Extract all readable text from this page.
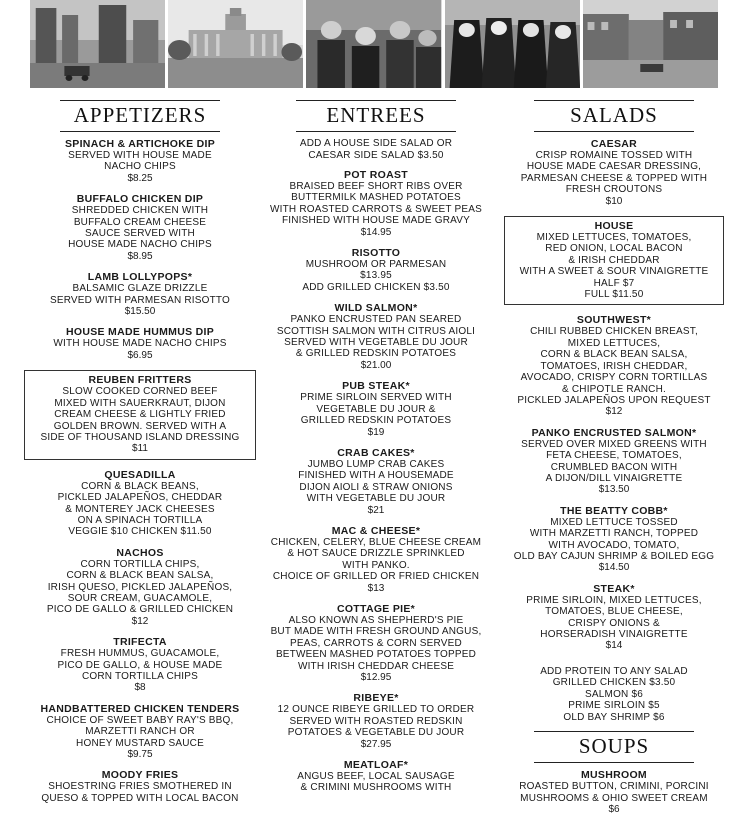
APPETIZERS
SPINACH & ARTICHOKE DIP
SERVED WITH HOUSE MADE
NACHO CHIPS
$8.25
BUFFALO CHICKEN DIP
SHREDDED CHICKEN WITH
BUFFALO CREAM CHEESE
SAUCE SERVED WITH
HOUSE MADE NACHO CHIPS
$8.95
LAMB LOLLYPOPS*
BALSAMIC GLAZE DRIZZLE
SERVED WITH PARMESAN RISOTTO
$15.50
HOUSE MADE HUMMUS DIP
WITH HOUSE MADE NACHO CHIPS
$6.95
REUBEN FRITTERS
SLOW COOKED CORNED BEEF
MIXED WITH SAUERKRAUT, DIJON
CREAM CHEESE & LIGHTLY FRIED
GOLDEN BROWN. SERVED WITH A
SIDE OF THOUSAND ISLAND DRESSING
$11
QUESADILLA
CORN & BLACK BEANS,
PICKLED JALAPEÑOS, CHEDDAR
& MONTEREY JACK CHEESES
ON A SPINACH TORTILLA
VEGGIE $10 CHICKEN $11.50
NACHOS
CORN TORTILLA CHIPS,
CORN & BLACK BEAN SALSA,
IRISH QUESO, PICKLED JALAPEÑOS,
SOUR CREAM, GUACAMOLE,
PICO DE GALLO & GRILLED CHICKEN
$12
TRIFECTA
FRESH HUMMUS, GUACAMOLE,
PICO DE GALLO, & HOUSE MADE
CORN TORTILLA CHIPS
$8
HANDBATTERED CHICKEN TENDERS
CHOICE OF SWEET BABY RAY'S BBQ,
MARZETTI RANCH OR
HONEY MUSTARD SAUCE
$9.75
MOODY FRIES
SHOESTRING FRIES SMOTHERED IN
QUESO & TOPPED WITH LOCAL BACON
ENTREES
ADD A HOUSE SIDE SALAD OR
CAESAR SIDE SALAD $3.50
POT ROAST
BRAISED BEEF SHORT RIBS OVER
BUTTERMILK MASHED POTATOES
WITH ROASTED CARROTS & SWEET PEAS
FINISHED WITH HOUSE MADE GRAVY
$14.95
RISOTTO
MUSHROOM OR PARMESAN
$13.95
ADD GRILLED CHICKEN $3.50
WILD SALMON*
PANKO ENCRUSTED PAN SEARED
SCOTTISH SALMON WITH CITRUS AIOLI
SERVED WITH VEGETABLE DU JOUR
& GRILLED REDSKIN POTATOES
$21.00
PUB STEAK*
PRIME SIRLOIN SERVED WITH
VEGETABLE DU JOUR &
GRILLED REDSKIN POTATOES
$19
CRAB CAKES*
JUMBO LUMP CRAB CAKES
FINISHED WITH A HOUSEMADE
DIJON AIOLI & STRAW ONIONS
WITH VEGETABLE DU JOUR
$21
MAC & CHEESE*
CHICKEN, CELERY, BLUE CHEESE CREAM
& HOT SAUCE DRIZZLE SPRINKLED
WITH PANKO.
CHOICE OF GRILLED OR FRIED CHICKEN
$13
COTTAGE PIE*
ALSO KNOWN AS SHEPHERD'S PIE
BUT MADE WITH FRESH GROUND ANGUS,
PEAS, CARROTS & CORN SERVED
BETWEEN MASHED POTATOES TOPPED
WITH IRISH CHEDDAR CHEESE
$12.95
RIBEYE*
12 OUNCE RIBEYE GRILLED TO ORDER
SERVED WITH ROASTED REDSKIN
POTATOES & VEGETABLE DU JOUR
$27.95
MEATLOAF*
ANGUS BEEF, LOCAL SAUSAGE
& CRIMINI MUSHROOMS WITH
SALADS
CAESAR
CRISP ROMAINE TOSSED WITH
HOUSE MADE CAESAR DRESSING,
PARMESAN CHEESE & TOPPED WITH
FRESH CROUTONS
$10
HOUSE
MIXED LETTUCES, TOMATOES,
RED ONION, LOCAL BACON
& IRISH CHEDDAR
WITH A SWEET & SOUR VINAIGRETTE
HALF $7
FULL $11.50
SOUTHWEST*
CHILI RUBBED CHICKEN BREAST,
MIXED LETTUCES,
CORN & BLACK BEAN SALSA,
TOMATOES, IRISH CHEDDAR,
AVOCADO, CRISPY CORN TORTILLAS
& CHIPOTLE RANCH.
PICKLED JALAPEÑOS UPON REQUEST
$12
PANKO ENCRUSTED SALMON*
SERVED OVER MIXED GREENS WITH
FETA CHEESE, TOMATOES,
CRUMBLED BACON WITH
A DIJON/DILL VINAIGRETTE
$13.50
THE BEATTY COBB*
MIXED LETTUCE TOSSED
WITH MARZETTI RANCH, TOPPED
WITH AVOCADO, TOMATO,
OLD BAY CAJUN SHRIMP & BOILED EGG
$14.50
STEAK*
PRIME SIRLOIN, MIXED LETTUCES,
TOMATOES, BLUE CHEESE,
CRISPY ONIONS &
HORSERADISH VINAIGRETTE
$14
ADD PROTEIN TO ANY SALAD
GRILLED CHICKEN $3.50
SALMON $6
PRIME SIRLOIN $5
OLD BAY SHRIMP $6
SOUPS
MUSHROOM
ROASTED BUTTON, CRIMINI, PORCINI
MUSHROOMS & OHIO SWEET CREAM
$6
